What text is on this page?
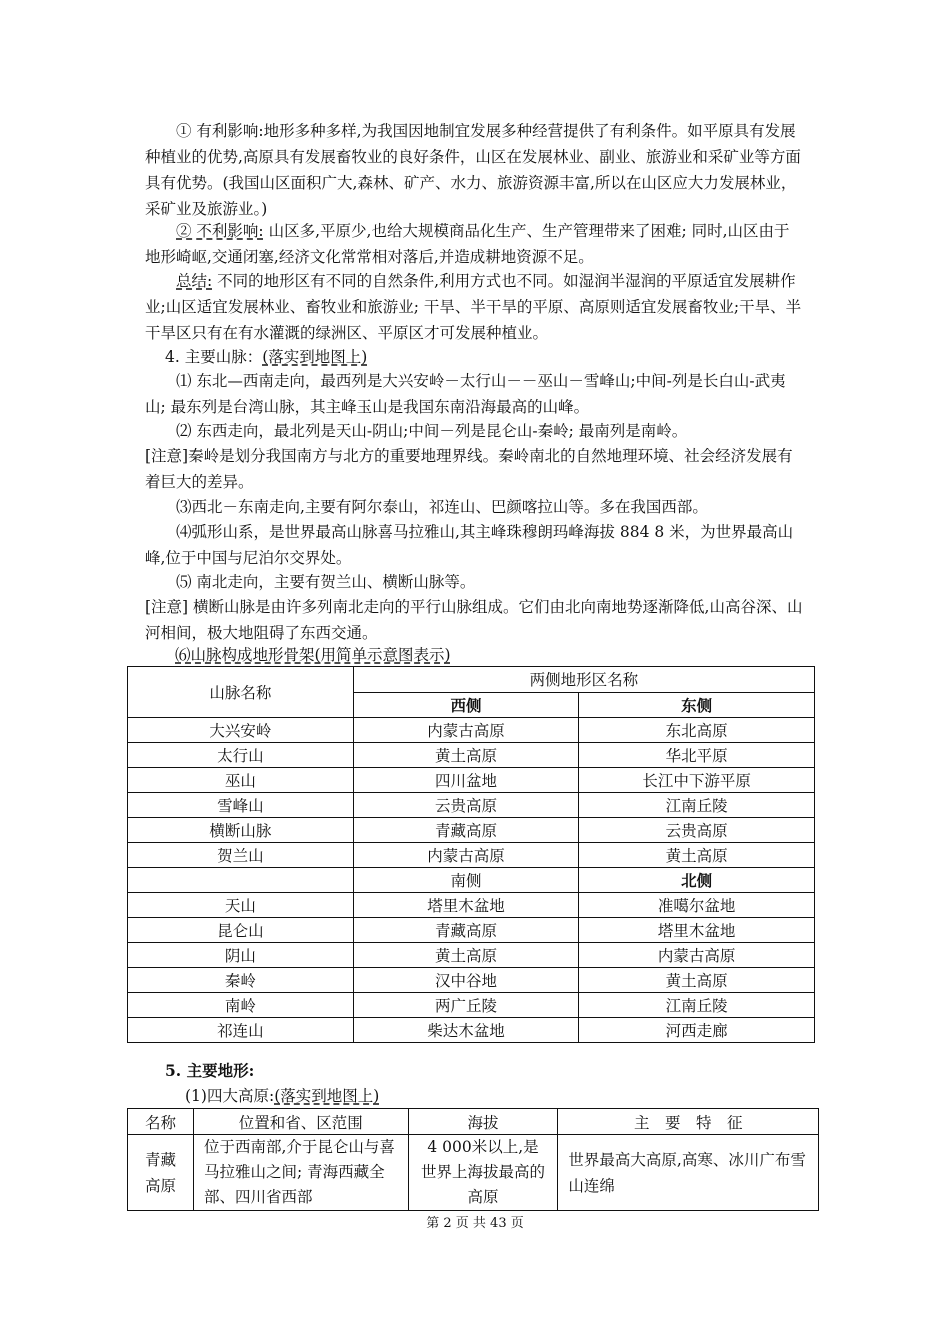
① 有利影响:地形多种多样,为我国因地制宜发展多种经营提供了有利条件。如平原具有发展种植业的优势,高原具有发展畜牧业的良好条件，山区在发展林业、副业、旅游业和采矿业等方面具有优势。(我国山区面积广大,森林、矿产、水力、旅游资源丰富,所以在山区应大力发展林业，采矿业及旅游业。)

② 不利影响: 山区多,平原少,也给大规模商品化生产、生产管理带来了困难; 同时,山区由于地形崎岖,交通闭塞,经济文化常常相对落后,并造成耕地资源不足。

总结: 不同的地形区有不同的自然条件,利用方式也不同。如湿润半湿润的平原适宜发展耕作业;山区适宜发展林业、畜牧业和旅游业; 干旱、半干旱的平原、高原则适宜发展畜牧业;干旱、半干旱区只有在有水灌溉的绿洲区、平原区才可发展种植业。

4. 主要山脉：(落实到地图上)

⑴ 东北—西南走向，最西列是大兴安岭－太行山－－巫山－雪峰山;中间-列是长白山-武夷山; 最东列是台湾山脉，其主峰玉山是我国东南沿海最高的山峰。

⑵ 东西走向，最北列是天山-阴山;中间－列是昆仑山-秦岭; 最南列是南岭。

[注意]秦岭是划分我国南方与北方的重要地理界线。秦岭南北的自然地理环境、社会经济发展有着巨大的差异。

⑶西北－东南走向,主要有阿尔泰山，祁连山、巴颜喀拉山等。多在我国西部。

⑷弧形山系，是世界最高山脉喜马拉雅山,其主峰珠穆朗玛峰海拔 884 8 米，为世界最高山峰,位于中国与尼泊尔交界处。

⑸ 南北走向，主要有贺兰山、横断山脉等。

[注意] 横断山脉是由许多列南北走向的平行山脉组成。它们由北向南地势逐渐降低,山高谷深、山河相间，极大地阻碍了东西交通。

⑹山脉构成地形骨架(用简单示意图表示)

山脉名称	两侧地形区名称	
	西侧	东侧
大兴安岭	内蒙古高原	东北高原
太行山	黄土高原	华北平原
巫山	四川盆地	长江中下游平原
雪峰山	云贵高原	江南丘陵
横断山脉	青藏高原	云贵高原
贺兰山	内蒙古高原	黄土高原
	南侧	北侧
天山	塔里木盆地	准噶尔盆地
昆仑山	青藏高原	塔里木盆地
阴山	黄土高原	内蒙古高原
秦岭	汉中谷地	黄土高原
南岭	两广丘陵	江南丘陵
祁连山	柴达木盆地	河西走廊

5. 主要地形:

(1)四大高原:(落实到地图上)

名称	位置和省、区范围	海拔	主　要　特　征
青藏高原	位于西南部,介于昆仑山与喜马拉雅山之间; 青海西藏全部、四川省西部	4 000米以上,是世界上海拔最高的高原	世界最高大高原,高寒、冰川广布雪山连绵
第 2 页 共 43 页
